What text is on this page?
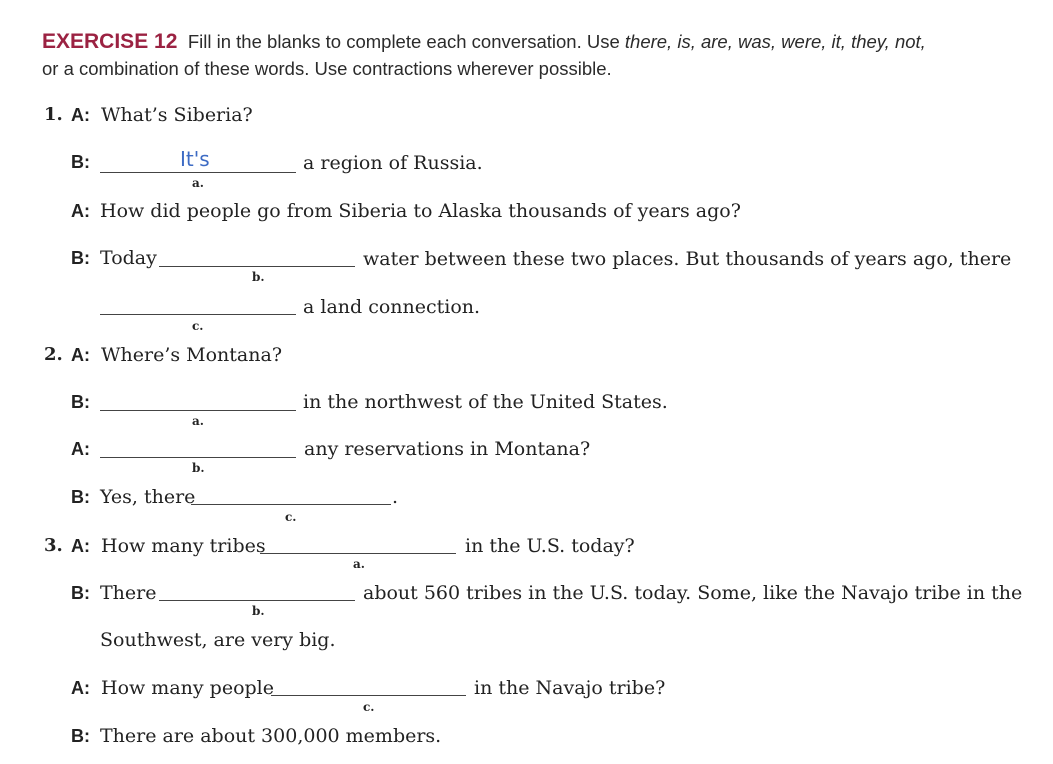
EXERCISE 12 Fill in the blanks to complete each conversation. Use there, is, are, was, were, it, they, not,
or a combination of these words. Use contractions wherever possible.
1. A: What’s Siberia?
B:	It's
a.
a region of Russia.
A: How did people go from Siberia to Alaska thousands of years ago?
B: Today
b.
water between these two places. But thousands of years ago, there
c.
a land connection.
2. A: Where’s Montana?
B:
a.
in the northwest of the United States.
A:
b.
any reservations in Montana?
B: Yes, there
c.
.
3. A: How many tribes
a.
in the U.S. today?
B: There
b.
about 560 tribes in the U.S. today. Some, like the Navajo tribe in the
Southwest, are very big.
A: How many people
c.
in the Navajo tribe?
B: There are about 300,000 members.
